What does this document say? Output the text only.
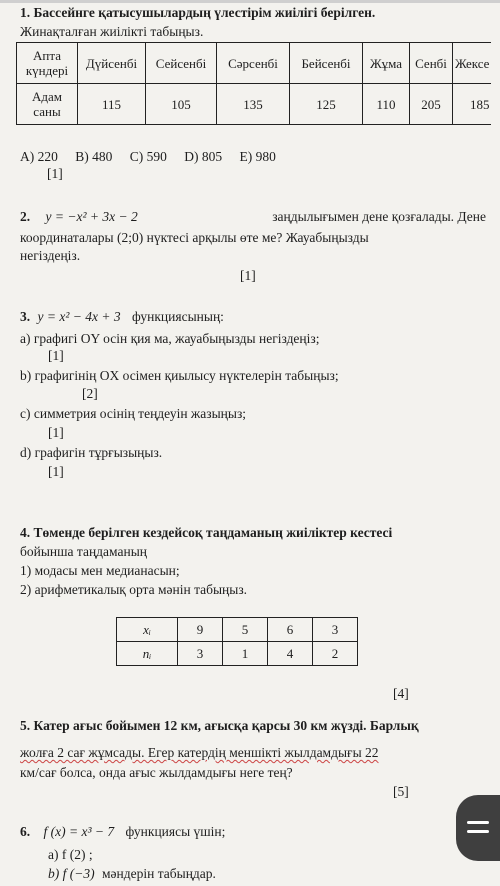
1. Бассейнге қатысушылардың үлестірім жиілігі берілген.
Жинақталған жиілікті табыңыз.
Апта
күндері	Дүйсенбі	Сейсенбі	Сәрсенбі	Бейсенбі	Жұма	Сенбі	Жексе
Адам
саны	115	105	135	125	110	205	185
A) 220 B) 480 C) 590 D) 805 E) 980
[1]
2. y = −x² + 3x − 2	заңдылығымен дене қозғалады. Дене
координаталары (2;0) нүктесі арқылы өте ме? Жауабыңызды
негіздеңіз.
[1]
3. y = x² − 4x + 3 функциясының:
а) графигі OY осін қия ма, жауабыңызды негіздеңіз;
[1]
b) графигінің OX осімен қиылысу нүктелерін табыңыз;
[2]
c) симметрия осінің теңдеуін жазыңыз;
[1]
d) графигін тұрғызыңыз.
[1]
4. Төменде берілген кездейсоқ таңдаманың жиіліктер кестесі
бойынша таңдаманың
1) модасы мен медианасын;
2) арифметикалық орта мәнін табыңыз.
xᵢ	9	5	6	3
nᵢ	3	1	4	2
[4]
5. Катер ағыс бойымен 12 км, ағысқа қарсы 30 км жүзді. Барлық
жолға 2 сағ жұмсады. Егер катердің меншікті жылдамдығы 22
км/сағ болса, онда ағыс жылдамдығы неге тең?
[5]
6. f (x) = x³ − 7 функциясы үшін;
a) f (2) ;
b) f (−3) мәндерін табыңдар.
